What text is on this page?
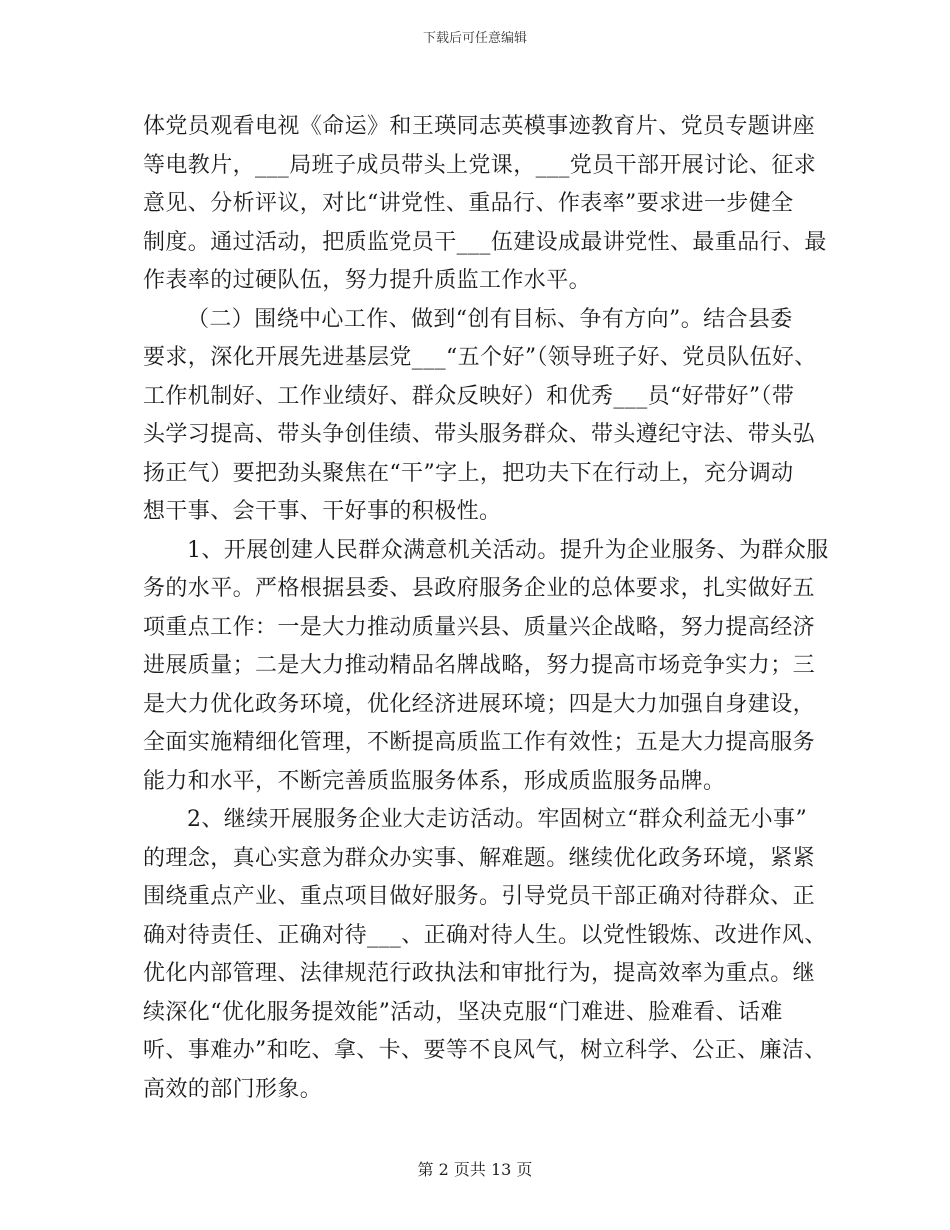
下载后可任意编辑
体党员观看电视《命运》和王瑛同志英模事迹教育片、党员专题讲座
等电教片，___局班子成员带头上党课，___党员干部开展讨论、征求
意见、分析评议，对比“讲党性、重品行、作表率”要求进一步健全
制度。通过活动，把质监党员干___伍建设成最讲党性、最重品行、最
作表率的过硬队伍，努力提升质监工作水平。
（二）围绕中心工作、做到“创有目标、争有方向”。结合县委
要求，深化开展先进基层党___“五个好”（领导班子好、党员队伍好、
工作机制好、工作业绩好、群众反映好）和优秀___员“好带好”（带
头学习提高、带头争创佳绩、带头服务群众、带头遵纪守法、带头弘
扬正气）要把劲头聚焦在“干”字上，把功夫下在行动上，充分调动
想干事、会干事、干好事的积极性。
1、开展创建人民群众满意机关活动。提升为企业服务、为群众服
务的水平。严格根据县委、县政府服务企业的总体要求，扎实做好五
项重点工作：一是大力推动质量兴县、质量兴企战略，努力提高经济
进展质量；二是大力推动精品名牌战略，努力提高市场竞争实力；三
是大力优化政务环境，优化经济进展环境；四是大力加强自身建设，
全面实施精细化管理，不断提高质监工作有效性；五是大力提高服务
能力和水平，不断完善质监服务体系，形成质监服务品牌。
2、继续开展服务企业大走访活动。牢固树立“群众利益无小事”
的理念，真心实意为群众办实事、解难题。继续优化政务环境，紧紧
围绕重点产业、重点项目做好服务。引导党员干部正确对待群众、正
确对待责任、正确对待___、正确对待人生。以党性锻炼、改进作风、
优化内部管理、法律规范行政执法和审批行为，提高效率为重点。继
续深化“优化服务提效能”活动，坚决克服“门难进、脸难看、话难
听、事难办”和吃、拿、卡、要等不良风气，树立科学、公正、廉洁、
高效的部门形象。
第 2 页共 13 页
